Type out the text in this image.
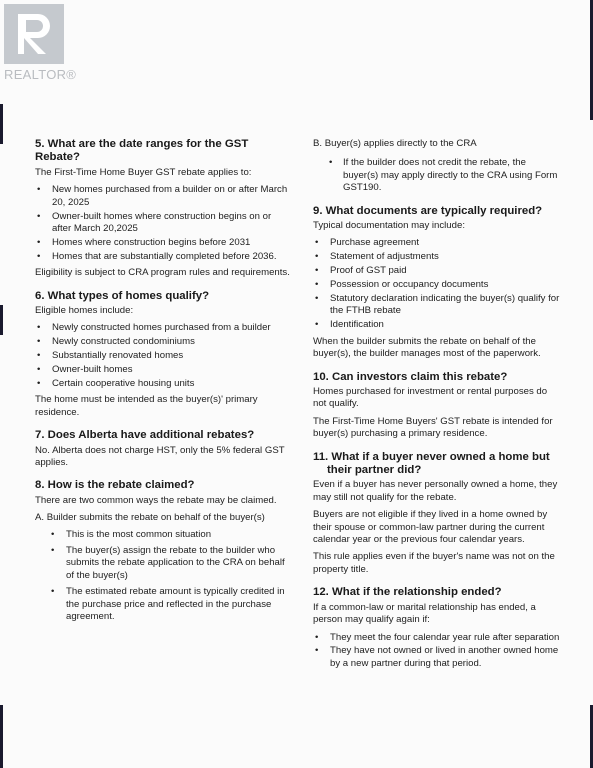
REALTOR®
5. What are the date ranges for the GST Rebate?

The First-Time Home Buyer GST rebate applies to:

• New homes purchased from a builder on or after March 20, 2025
• Owner-built homes where construction begins on or after March 20,2025
• Homes where construction begins before 2031
• Homes that are substantially completed before 2036.

Eligibility is subject to CRA program rules and requirements.

6. What types of homes qualify?

Eligible homes include:

• Newly constructed homes purchased from a builder
• Newly constructed condominiums
• Substantially renovated homes
• Owner-built homes
• Certain cooperative housing units

The home must be intended as the buyer(s)' primary residence.

7. Does Alberta have additional rebates?

No. Alberta does not charge HST, only the 5% federal GST applies.

8. How is the rebate claimed?

There are two common ways the rebate may be claimed.

A. Builder submits the rebate on behalf of the buyer(s)

• This is the most common situation
• The buyer(s) assign the rebate to the builder who submits the rebate application to the CRA on behalf of the buyer(s)
• The estimated rebate amount is typically credited in the purchase price and reflected in the purchase agreement.

B. Buyer(s) applies directly to the CRA

• If the builder does not credit the rebate, the buyer(s) may apply directly to the CRA using Form GST190.
9. What documents are typically required?

Typical documentation may include:

• Purchase agreement
• Statement of adjustments
• Proof of GST paid
• Possession or occupancy documents
• Statutory declaration indicating the buyer(s) qualify for the FTHB rebate
• Identification

When the builder submits the rebate on behalf of the buyer(s), the builder manages most of the paperwork.

10. Can investors claim this rebate?

Homes purchased for investment or rental purposes do not qualify.

The First-Time Home Buyers' GST rebate is intended for buyer(s) purchasing a primary residence.

11. What if a buyer never owned a home but their partner did?

Even if a buyer has never personally owned a home, they may still not qualify for the rebate.

Buyers are not eligible if they lived in a home owned by their spouse or common-law partner during the current calendar year or the previous four calendar years.

This rule applies even if the buyer's name was not on the property title.

12. What if the relationship ended?

If a common-law or marital relationship has ended, a person may qualify again if:

• They meet the four calendar year rule after separation
• They have not owned or lived in another owned home by a new partner during that period.
